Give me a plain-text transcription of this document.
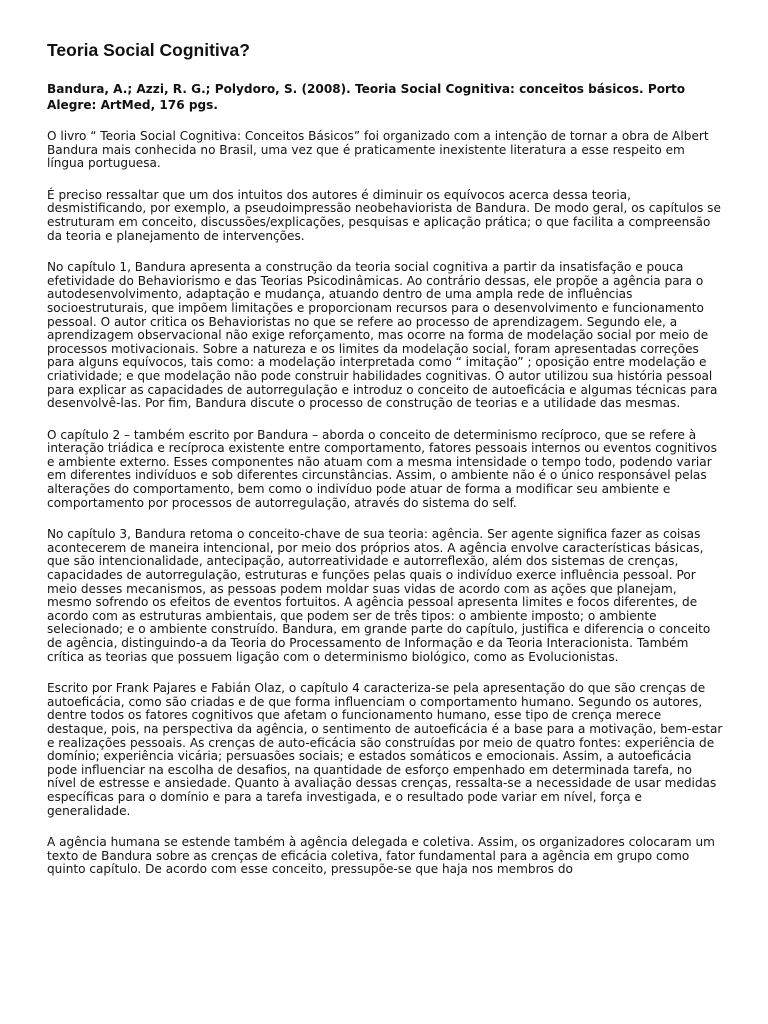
Teoria Social Cognitiva?

Bandura, A.; Azzi, R. G.; Polydoro, S. (2008). Teoria Social Cognitiva: conceitos básicos. Porto Alegre: ArtMed, 176 pgs.

O livro “ Teoria Social Cognitiva: Conceitos Básicos” foi organizado com a intenção de tornar a obra de Albert Bandura mais conhecida no Brasil, uma vez que é praticamente inexistente literatura a esse respeito em língua portuguesa.

É preciso ressaltar que um dos intuitos dos autores é diminuir os equívocos acerca dessa teoria, desmistificando, por exemplo, a pseudoimpressão neobehaviorista de Bandura. De modo geral, os capítulos se estruturam em conceito, discussões/explicações, pesquisas e aplicação prática; o que facilita a compreensão da teoria e planejamento de intervenções.

No capítulo 1, Bandura apresenta a construção da teoria social cognitiva a partir da insatisfação e pouca efetividade do Behaviorismo e das Teorias Psicodinâmicas. Ao contrário dessas, ele propõe a agência para o autodesenvolvimento, adaptação e mudança, atuando dentro de uma ampla rede de influências socioestruturais, que impõem limitações e proporcionam recursos para o desenvolvimento e funcionamento pessoal. O autor critica os Behavioristas no que se refere ao processo de aprendizagem. Segundo ele, a aprendizagem observacional não exige reforçamento, mas ocorre na forma de modelação social por meio de processos motivacionais. Sobre a natureza e os limites da modelação social, foram apresentadas correções para alguns equívocos, tais como: a modelação interpretada como “ imitação” ; oposição entre modelação e criatividade; e que modelação não pode construir habilidades cognitivas. O autor utilizou sua história pessoal para explicar as capacidades de autorregulação e introduz o conceito de autoeficácia e algumas técnicas para desenvolvê-las. Por fim, Bandura discute o processo de construção de teorias e a utilidade das mesmas.

O capítulo 2 – também escrito por Bandura – aborda o conceito de determinismo recíproco, que se refere à interação triádica e recíproca existente entre comportamento, fatores pessoais internos ou eventos cognitivos e ambiente externo. Esses componentes não atuam com a mesma intensidade o tempo todo, podendo variar em diferentes indivíduos e sob diferentes circunstâncias. Assim, o ambiente não é o único responsável pelas alterações do comportamento, bem como o indivíduo pode atuar de forma a modificar seu ambiente e comportamento por processos de autorregulação, através do sistema do self.

No capítulo 3, Bandura retoma o conceito-chave de sua teoria: agência. Ser agente significa fazer as coisas acontecerem de maneira intencional, por meio dos próprios atos. A agência envolve características básicas, que são intencionalidade, antecipação, autorreatividade e autorreflexão, além dos sistemas de crenças, capacidades de autorregulação, estruturas e funções pelas quais o indivíduo exerce influência pessoal. Por meio desses mecanismos, as pessoas podem moldar suas vidas de acordo com as ações que planejam, mesmo sofrendo os efeitos de eventos fortuitos. A agência pessoal apresenta limites e focos diferentes, de acordo com as estruturas ambientais, que podem ser de três tipos: o ambiente imposto; o ambiente selecionado; e o ambiente construído. Bandura, em grande parte do capítulo, justifica e diferencia o conceito de agência, distinguindo-a da Teoria do Processamento de Informação e da Teoria Interacionista. Também crítica as teorias que possuem ligação com o determinismo biológico, como as Evolucionistas.

Escrito por Frank Pajares e Fabián Olaz, o capítulo 4 caracteriza-se pela apresentação do que são crenças de autoeficácia, como são criadas e de que forma influenciam o comportamento humano. Segundo os autores, dentre todos os fatores cognitivos que afetam o funcionamento humano, esse tipo de crença merece destaque, pois, na perspectiva da agência, o sentimento de autoeficácia é a base para a motivação, bem-estar e realizações pessoais. As crenças de auto-eficácia são construídas por meio de quatro fontes: experiência de domínio; experiência vicária; persuasões sociais; e estados somáticos e emocionais. Assim, a autoeficácia pode influenciar na escolha de desafios, na quantidade de esforço empenhado em determinada tarefa, no nível de estresse e ansiedade. Quanto à avaliação dessas crenças, ressalta-se a necessidade de usar medidas específicas para o domínio e para a tarefa investigada, e o resultado pode variar em nível, força e generalidade.

A agência humana se estende também à agência delegada e coletiva. Assim, os organizadores colocaram um texto de Bandura sobre as crenças de eficácia coletiva, fator fundamental para a agência em grupo como quinto capítulo. De acordo com esse conceito, pressupõe-se que haja nos membros do
